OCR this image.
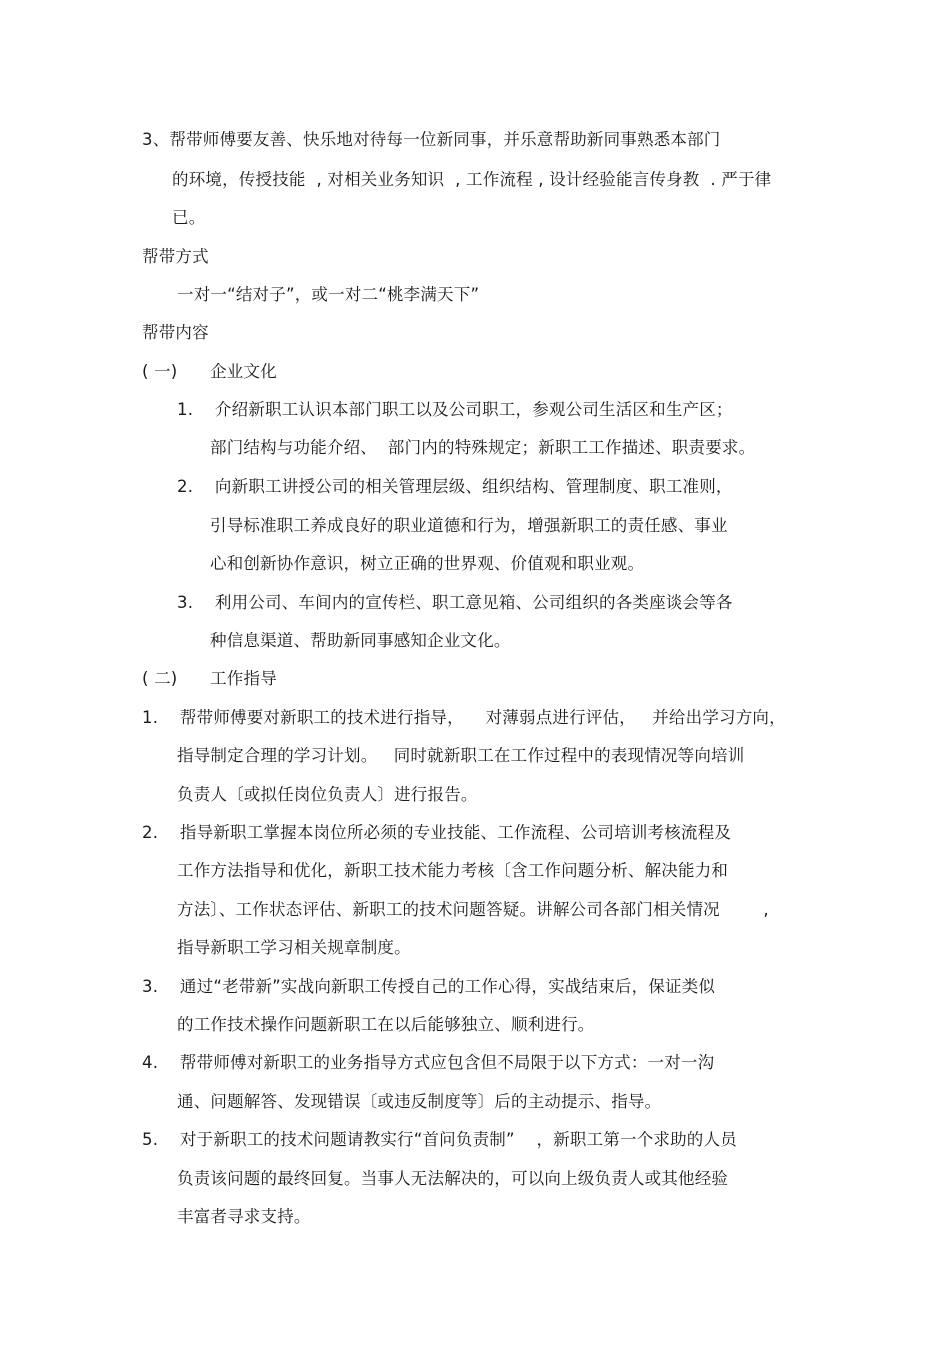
3、帮带师傅要友善、快乐地对待每一位新同事，并乐意帮助新同事熟悉本部门
的环境，传授技能  , 对相关业务知识  , 工作流程 , 设计经验能言传身教  . 严于律
已。
帮带方式
一对一“结对子”，或一对二“桃李满天下”
帮带内容
( 一)      企业文化
1.    介绍新职工认识本部门职工以及公司职工，参观公司生活区和生产区；
部门结构与功能介绍、  部门内的特殊规定；新职工工作描述、职责要求。
2.    向新职工讲授公司的相关管理层级、组织结构、管理制度、职工准则，
引导标准职工养成良好的职业道德和行为，增强新职工的责任感、事业
心和创新协作意识，树立正确的世界观、价值观和职业观。
3.    利用公司、车间内的宣传栏、职工意见箱、公司组织的各类座谈会等各
种信息渠道、帮助新同事感知企业文化。
( 二)      工作指导
1.    帮带师傅要对新职工的技术进行指导，    对薄弱点进行评估，   并给出学习方向，
指导制定合理的学习计划。   同时就新职工在工作过程中的表现情况等向培训
负责人〔或拟任岗位负责人〕进行报告。
2.    指导新职工掌握本岗位所必须的专业技能、工作流程、公司培训考核流程及
工作方法指导和优化，新职工技术能力考核〔含工作问题分析、解决能力和
方法〕、工作状态评估、新职工的技术问题答疑。讲解公司各部门相关情况        ,
指导新职工学习相关规章制度。
3.    通过“老带新”实战向新职工传授自己的工作心得，实战结束后，保证类似
的工作技术操作问题新职工在以后能够独立、顺利进行。
4.    帮带师傅对新职工的业务指导方式应包含但不局限于以下方式：一对一沟
通、问题解答、发现错误〔或违反制度等〕后的主动提示、指导。
5.    对于新职工的技术问题请教实行“首问负责制”    ，新职工第一个求助的人员
负责该问题的最终回复。当事人无法解决的，可以向上级负责人或其他经验
丰富者寻求支持。
